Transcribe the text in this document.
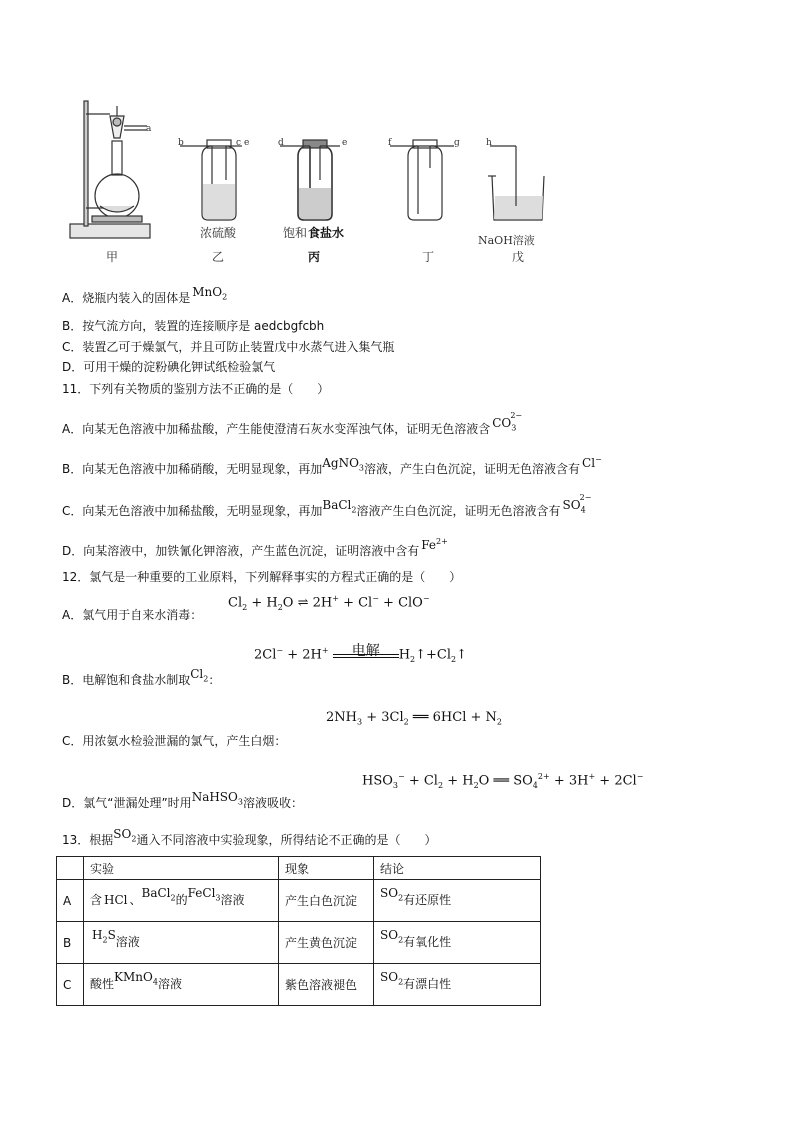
a
b	c	d
e	e	f	g	h
浓硫酸	饱和 食盐水
NaOH溶液
甲	乙	丙	丁	戊
A．烧瓶内装入的固体是 MnO$_2$
B．按气流方向，装置的连接顺序是 aedcbgfcbh
C．装置乙可于燥氯气，并且可防止装置戊中水蒸气进入集气瓶
D．可用干燥的淀粉碘化钾试纸检验氯气
11．下列有关物质的鉴别方法不正确的是（　　）
A．向某无色溶液中加稀盐酸，产生能使澄清石灰水变浑浊气体，证明无色溶液含 $CO_3^{2-}$
B．向某无色溶液中加稀硝酸，无明显现象，再加AgNO$_3$溶液，产生白色沉淀，证明无色溶液含有 Cl−
C．向某无色溶液中加稀盐酸，无明显现象，再加BaCl$_2$溶液产生白色沉淀，证明无色溶液含有 $SO_4^{2-}$
D．向某溶液中，加铁氰化钾溶液，产生蓝色沉淀，证明溶液中含有 $Fe^{2+}$
12．氯气是一种重要的工业原料，下列解释事实的方程式正确的是（　　）
A．氯气用于自来水消毒：
$Cl_2 + H_2O$ ⇌ 2H+ + Cl− + ClO−
2Cl− + 2H+	电解	$H_2↑+Cl_2↑$
B．电解饱和食盐水制取$Cl_2$：
$2NH_3 + 3Cl_2$ ══ $6HCl + N_2$
C．用浓氨水检验泄漏的氯气，产生白烟：
$HSO_3^- + Cl_2 + H_2O$ ══ $SO_4^{2+} + 3H^+ + 2Cl^-$
D．氯气“泄漏处理”时用NaHSO$_3$溶液吸收：
13．根据$SO_2$通入不同溶液中实验现象，所得结论不正确的是（　　）
	实验	现象	结论
A	含 HCl 、BaCl$_2$的FeCl$_3$溶液	产生白色沉淀	$SO_2$有还原性
B	$H_2S$溶液	产生黄色沉淀	$SO_2$有氧化性
C	酸性KMnO$_4$溶液	紫色溶液褪色	$SO_2$有漂白性
